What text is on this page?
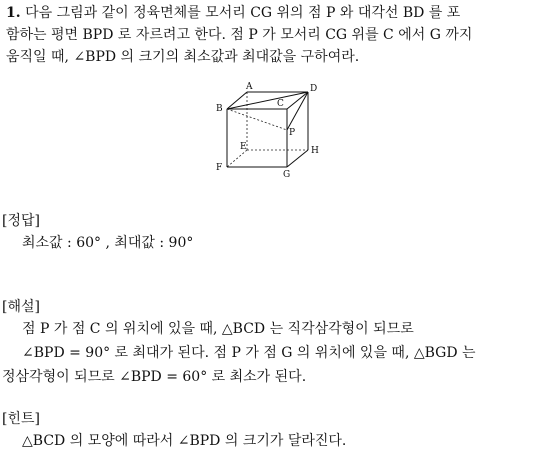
1. 다음 그림과 같이 정육면체를 모서리 CG 위의 점 P 와 대각선 BD 를 포
함하는 평면 BPD 로 자르려고 한다. 점 P 가 모서리 CG 위를 C 에서 G 까지
움직일 때, ∠BPD 의 크기의 최소값과 최대값을 구하여라.
A
B	C
D
E
F
G
H
P
[정답]
최소값 : 60° , 최대값 : 90°
[해설]
점 P 가 점 C 의 위치에 있을 때, △BCD 는 직각삼각형이 되므로
∠BPD = 90° 로 최대가 된다. 점 P 가 점 G 의 위치에 있을 때, △BGD 는
정삼각형이 되므로 ∠BPD = 60° 로 최소가 된다.
[힌트]
△BCD 의 모양에 따라서 ∠BPD 의 크기가 달라진다.
